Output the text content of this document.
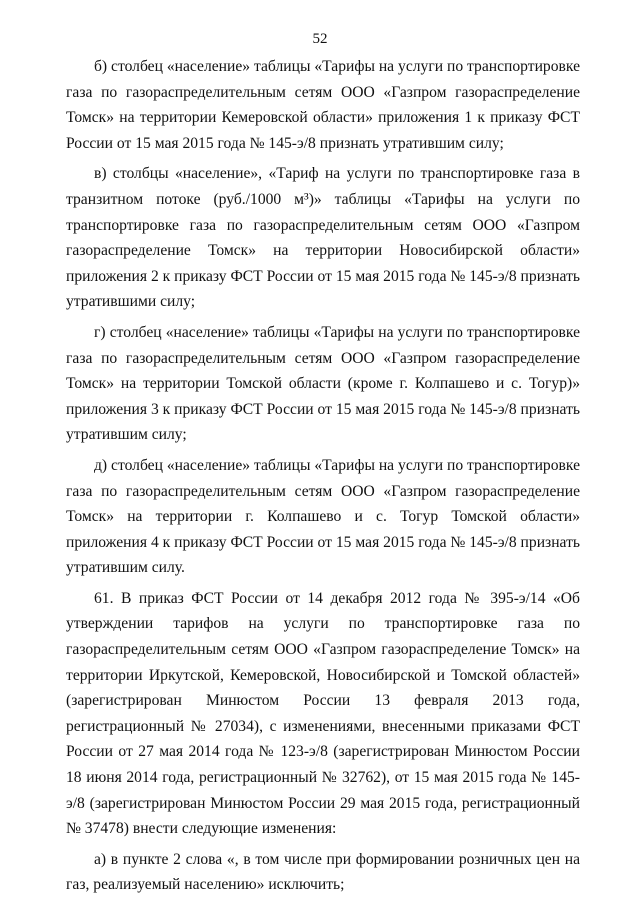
52

б) столбец «население» таблицы «Тарифы на услуги по транспортировке газа по газораспределительным сетям ООО «Газпром газораспределение Томск» на территории Кемеровской области» приложения 1 к приказу ФСТ России от 15 мая 2015 года № 145-э/8 признать утратившим силу;

в) столбцы «население», «Тариф на услуги по транспортировке газа в транзитном потоке (руб./1000 м³)» таблицы «Тарифы на услуги по транспортировке газа по газораспределительным сетям ООО «Газпром газораспределение Томск» на территории Новосибирской области» приложения 2 к приказу ФСТ России от 15 мая 2015 года № 145-э/8 признать утратившими силу;

г) столбец «население» таблицы «Тарифы на услуги по транспортировке газа по газораспределительным сетям ООО «Газпром газораспределение Томск» на территории Томской области (кроме г. Колпашево и с. Тогур)» приложения 3 к приказу ФСТ России от 15 мая 2015 года № 145-э/8 признать утратившим силу;

д) столбец «население» таблицы «Тарифы на услуги по транспортировке газа по газораспределительным сетям ООО «Газпром газораспределение Томск» на территории г. Колпашево и с. Тогур Томской области» приложения 4 к приказу ФСТ России от 15 мая 2015 года № 145-э/8 признать утратившим силу.

61. В приказ ФСТ России от 14 декабря 2012 года № 395-э/14 «Об утверждении тарифов на услуги по транспортировке газа по газораспределительным сетям ООО «Газпром газораспределение Томск» на территории Иркутской, Кемеровской, Новосибирской и Томской областей» (зарегистрирован Минюстом России 13 февраля 2013 года, регистрационный № 27034), с изменениями, внесенными приказами ФСТ России от 27 мая 2014 года № 123-э/8 (зарегистрирован Минюстом России 18 июня 2014 года, регистрационный № 32762), от 15 мая 2015 года № 145-э/8 (зарегистрирован Минюстом России 29 мая 2015 года, регистрационный № 37478) внести следующие изменения:

а) в пункте 2 слова «, в том числе при формировании розничных цен на газ, реализуемый населению» исключить;
